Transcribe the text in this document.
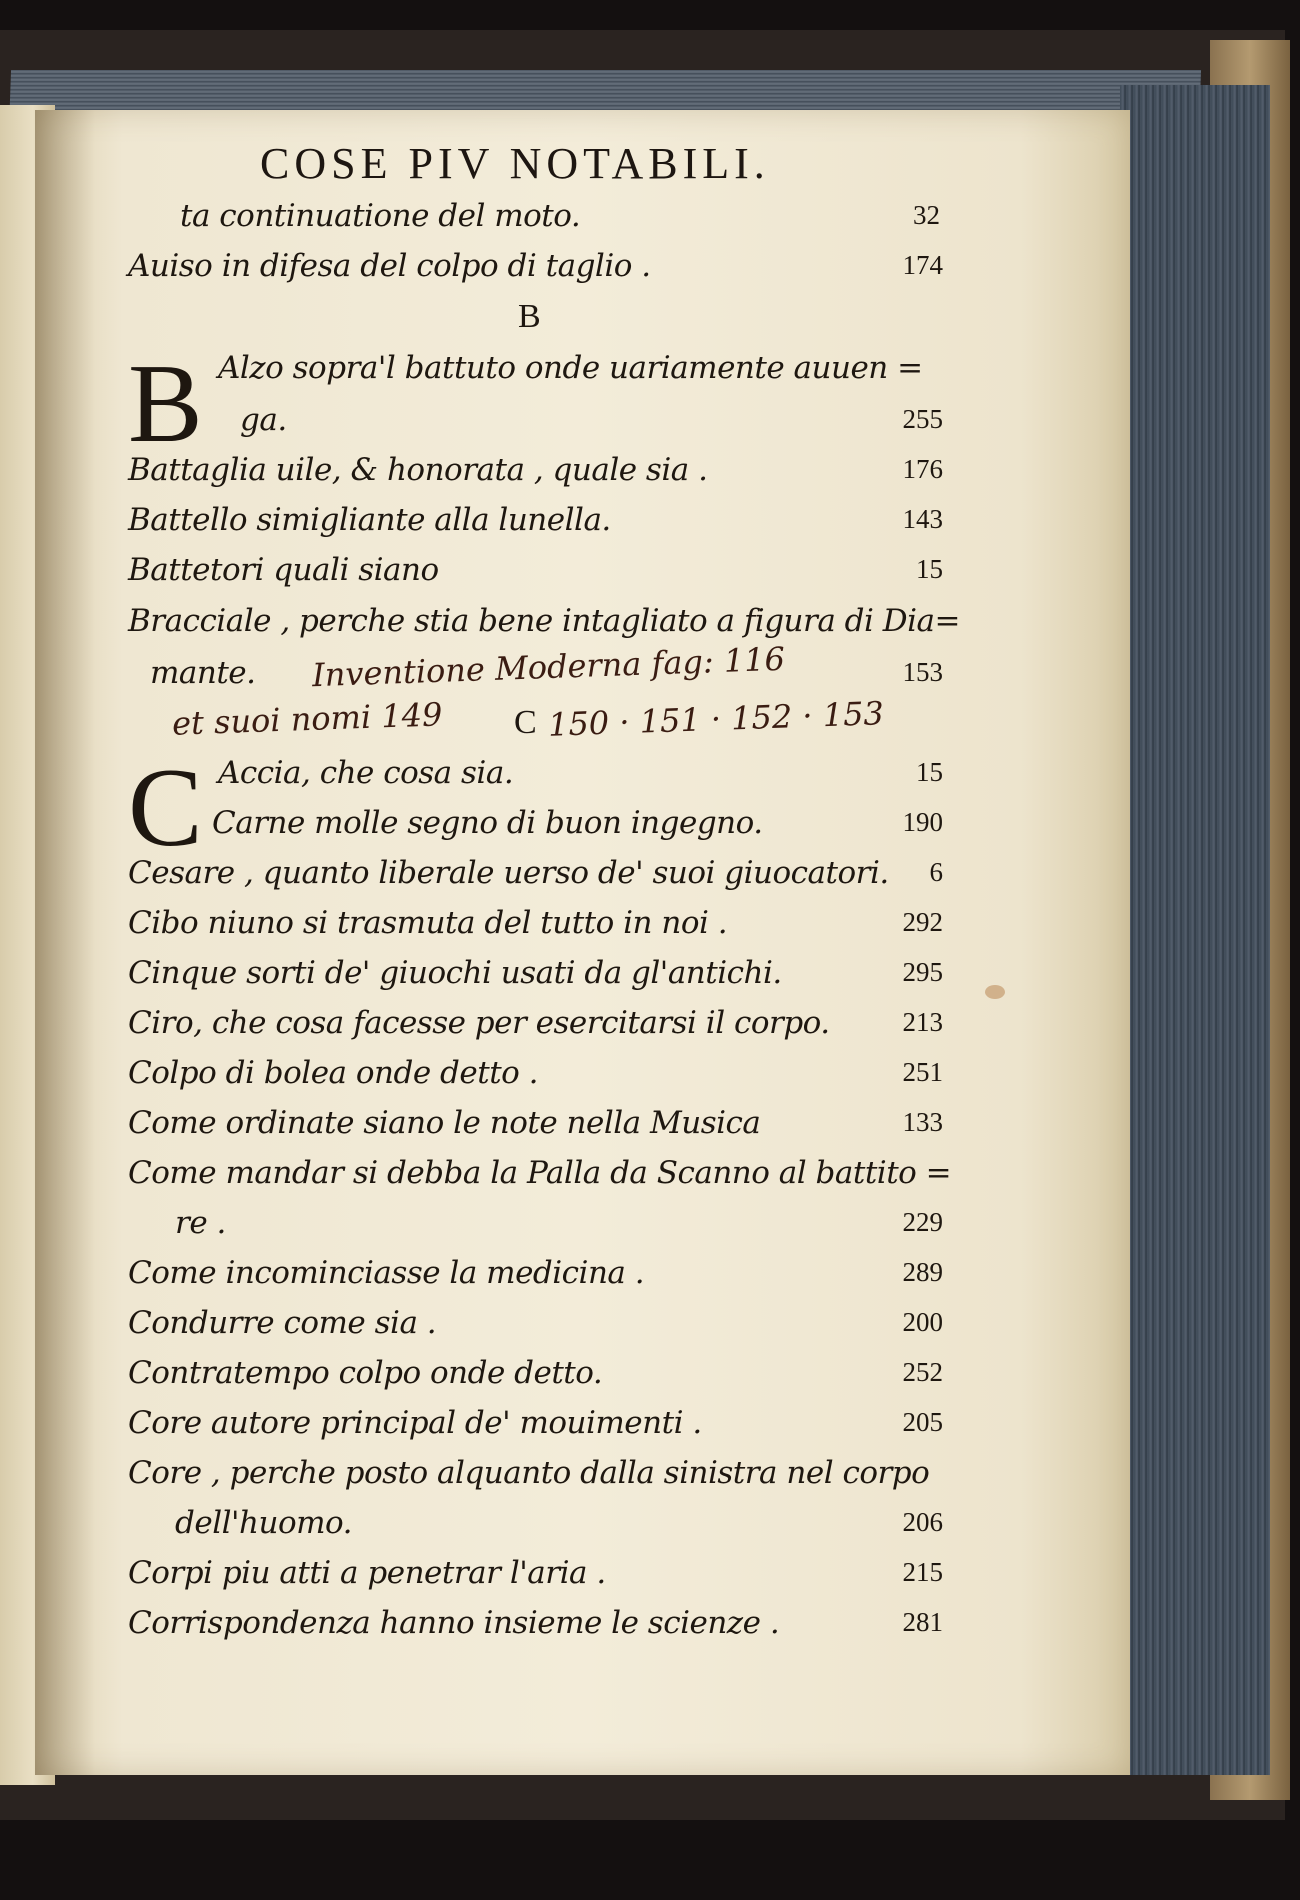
COSE PIV NOTABILI.
ta continuatione del moto.	32
Auiso in difesa del colpo di taglio .	174
B
B Alzo sopra'l battuto onde uariamente auuen =
ga.	255
Battaglia uile, & honorata , quale sia .	176
Battello simigliante alla lunella.	143
Battetori quali siano	15
Bracciale , perche stia bene intagliato a figura di Dia=
mante.	153
Inventione Moderna fag: 116
et suoi nomi 149 C 150 · 151 · 152 · 153
C Accia, che cosa sia.	15
Carne molle segno di buon ingegno.	190
Cesare , quanto liberale uerso de' suoi giuocatori. 6
Cibo niuno si trasmuta del tutto in noi .	292
Cinque sorti de' giuochi usati da gl'antichi.	295
Ciro, che cosa facesse per esercitarsi il corpo.	213
Colpo di bolea onde detto .	251
Come ordinate siano le note nella Musica	133
Come mandar si debba la Palla da Scanno al battito =
re .	229
Come incominciasse la medicina .	289
Condurre come sia .	200
Contratempo colpo onde detto.	252
Core autore principal de' mouimenti .	205
Core , perche posto alquanto dalla sinistra nel corpo
dell'huomo.	206
Corpi piu atti a penetrar l'aria .	215
Corrispondenza hanno insieme le scienze .	281
